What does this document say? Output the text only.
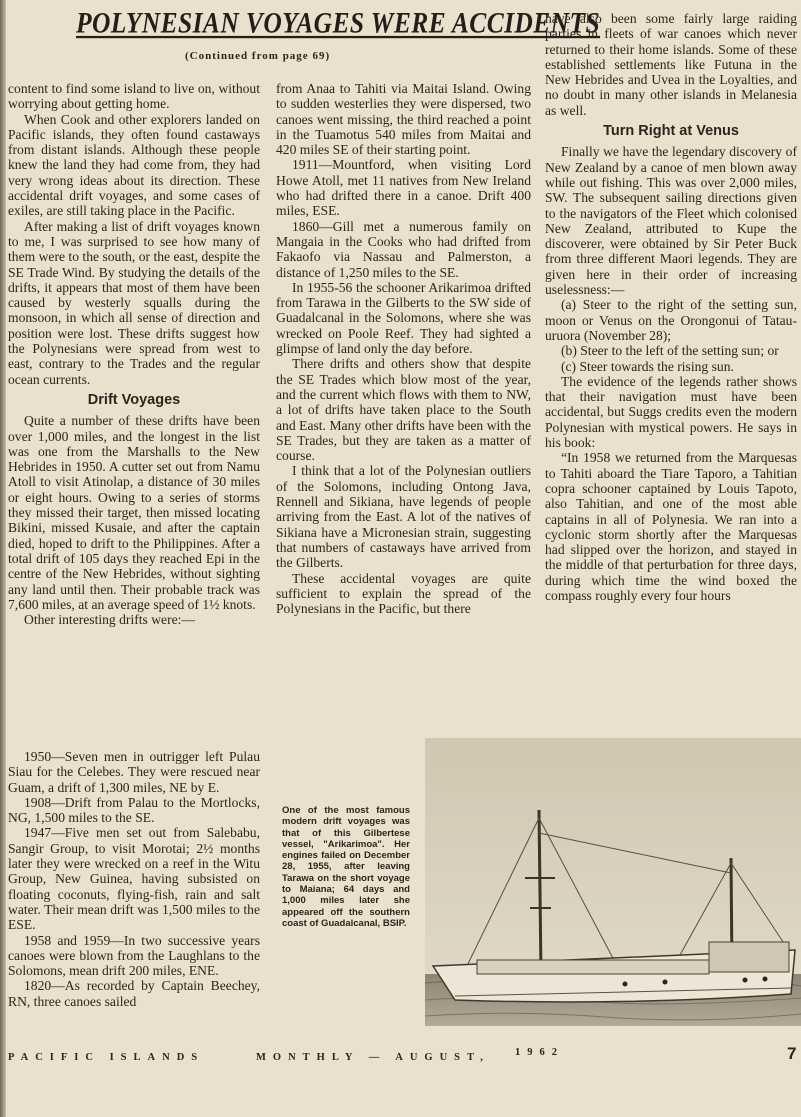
POLYNESIAN VOYAGES WERE ACCIDENTS
(Continued from page 69)

content to find some island to live on, without worrying about getting home.

When Cook and other explorers landed on Pacific islands, they often found castaways from distant islands. Although these people knew the land they had come from, they had very wrong ideas about its direction. These accidental drift voyages, and some cases of exiles, are still taking place in the Pacific.

After making a list of drift voyages known to me, I was surprised to see how many of them were to the south, or the east, despite the SE Trade Wind. By studying the details of the drifts, it appears that most of them have been caused by westerly squalls during the monsoon, in which all sense of direction and position were lost. These drifts suggest how the Polynesians were spread from west to east, contrary to the Trades and the regular ocean currents.

Drift Voyages

Quite a number of these drifts have been over 1,000 miles, and the longest in the list was one from the Marshalls to the New Hebrides in 1950. A cutter set out from Namu Atoll to visit Atinolap, a distance of 30 miles or eight hours. Owing to a series of storms they missed their target, then missed locating Bikini, missed Kusaie, and after the captain died, hoped to drift to the Philippines. After a total drift of 105 days they reached Epi in the centre of the New Hebrides, without sighting any land until then. Their probable track was 7,600 miles, at an average speed of 1½ knots.

Other interesting drifts were:—

1950—Seven men in outrigger left Pulau Siau for the Celebes. They were rescued near Guam, a drift of 1,300 miles, NE by E.

1908—Drift from Palau to the Mortlocks, NG, 1,500 miles to the SE.

1947—Five men set out from Salebabu, Sangir Group, to visit Morotai; 2½ months later they were wrecked on a reef in the Witu Group, New Guinea, having subsisted on floating coconuts, flying-fish, rain and salt water. Their mean drift was 1,500 miles to the ESE.

1958 and 1959—In two successive years canoes were blown from the Laughlans to the Solomons, mean drift 200 miles, ENE.

1820—As recorded by Captain Beechey, RN, three canoes sailed

from Anaa to Tahiti via Maitai Island. Owing to sudden westerlies they were dispersed, two canoes went missing, the third reached a point in the Tuamotus 540 miles from Maitai and 420 miles SE of their starting point.

1911—Mountford, when visiting Lord Howe Atoll, met 11 natives from New Ireland who had drifted there in a canoe. Drift 400 miles, ESE.

1860—Gill met a numerous family on Mangaia in the Cooks who had drifted from Fakaofo via Nassau and Palmerston, a distance of 1,250 miles to the SE.

In 1955-56 the schooner Arikarimoa drifted from Tarawa in the Gilberts to the SW side of Guadalcanal in the Solomons, where she was wrecked on Poole Reef. They had sighted a glimpse of land only the day before.

There drifts and others show that despite the SE Trades which blow most of the year, and the current which flows with them to NW, a lot of drifts have taken place to the South and East. Many other drifts have been with the SE Trades, but they are taken as a matter of course.

I think that a lot of the Polynesian outliers of the Solomons, including Ontong Java, Rennell and Sikiana, have legends of people arriving from the East. A lot of the natives of Sikiana have a Micronesian strain, suggesting that numbers of castaways have arrived from the Gilberts.

These accidental voyages are quite sufficient to explain the spread of the Polynesians in the Pacific, but there

have also been some fairly large raiding parties in fleets of war canoes which never returned to their home islands. Some of these established settlements like Futuna in the New Hebrides and Uvea in the Loyalties, and no doubt in many other islands in Melanesia as well.

Turn Right at Venus

Finally we have the legendary discovery of New Zealand by a canoe of men blown away while out fishing. This was over 2,000 miles, SW. The subsequent sailing directions given to the navigators of the Fleet which colonised New Zealand, attributed to Kupe the discoverer, were obtained by Sir Peter Buck from three different Maori legends. They are given here in their order of increasing uselessness:—

(a) Steer to the right of the setting sun, moon or Venus on the Orongonui of Tatau-uruora (November 28);

(b) Steer to the left of the setting sun; or

(c) Steer towards the rising sun.

The evidence of the legends rather shows that their navigation must have been accidental, but Suggs credits even the modern Polynesian with mystical powers. He says in his book:

“In 1958 we returned from the Marquesas to Tahiti aboard the Tiare Taporo, a Tahitian copra schooner captained by Louis Tapoto, also Tahitian, and one of the most able captains in all of Polynesia. We ran into a cyclonic storm shortly after the Marquesas had slipped over the horizon, and stayed in the middle of that perturbation for three days, during which time the wind boxed the compass roughly every four hours

One of the most famous modern drift voyages was that of this Gilbertese vessel, "Arikarimoa". Her engines failed on December 28, 1955, after leaving Tarawa on the short voyage to Maiana; 64 days and 1,000 miles later she appeared off the southern coast of Guadalcanal, BSIP.
PACIFIC ISLANDS	MONTHLY — AUGUST, 1962	7
